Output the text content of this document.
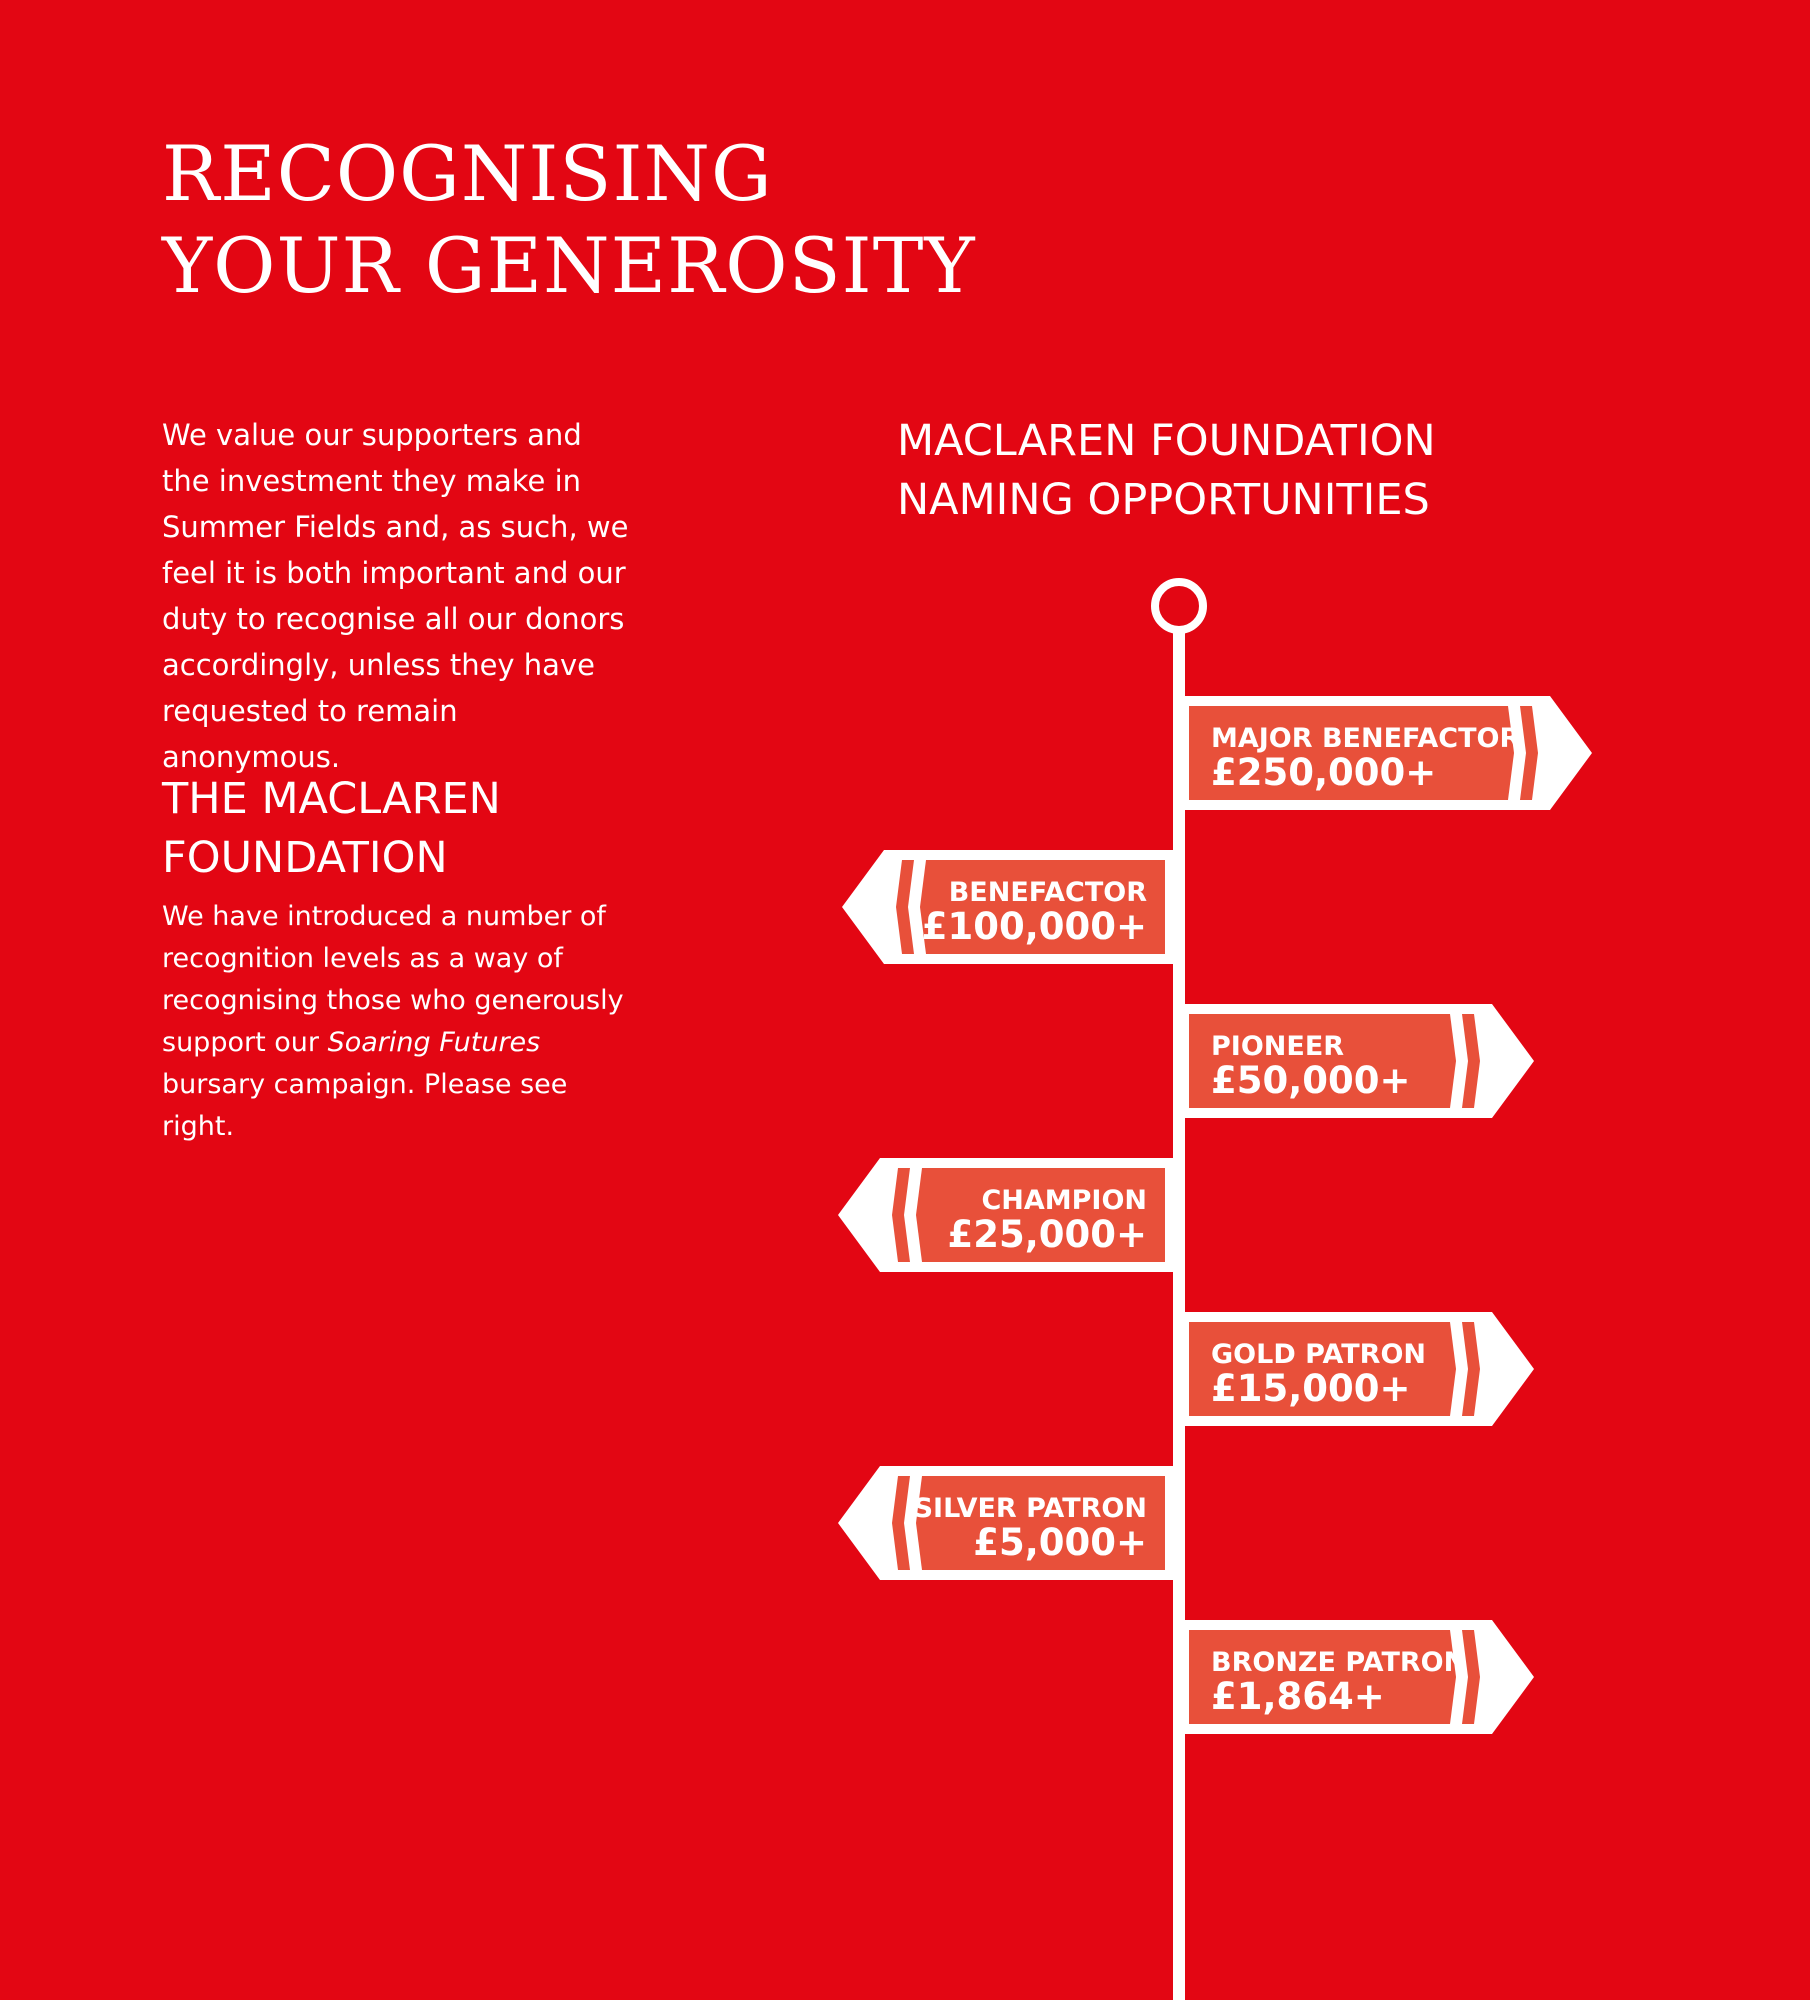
RECOGNISING
YOUR GENEROSITY

We value our supporters and the investment they make in Summer Fields and, as such, we feel it is both important and our duty to recognise all our donors accordingly, unless they have requested to remain anonymous.

THE MACLAREN
FOUNDATION

We have introduced a number of recognition levels as a way of recognising those who generously support our Soaring Futures bursary campaign. Please see right.

MACLAREN FOUNDATION
NAMING OPPORTUNITIES
MAJOR BENEFACTOR
£250,000+
BENEFACTOR
£100,000+
PIONEER
£50,000+
CHAMPION
£25,000+
GOLD PATRON
£15,000+
SILVER PATRON
£5,000+
BRONZE PATRON
£1,864+
